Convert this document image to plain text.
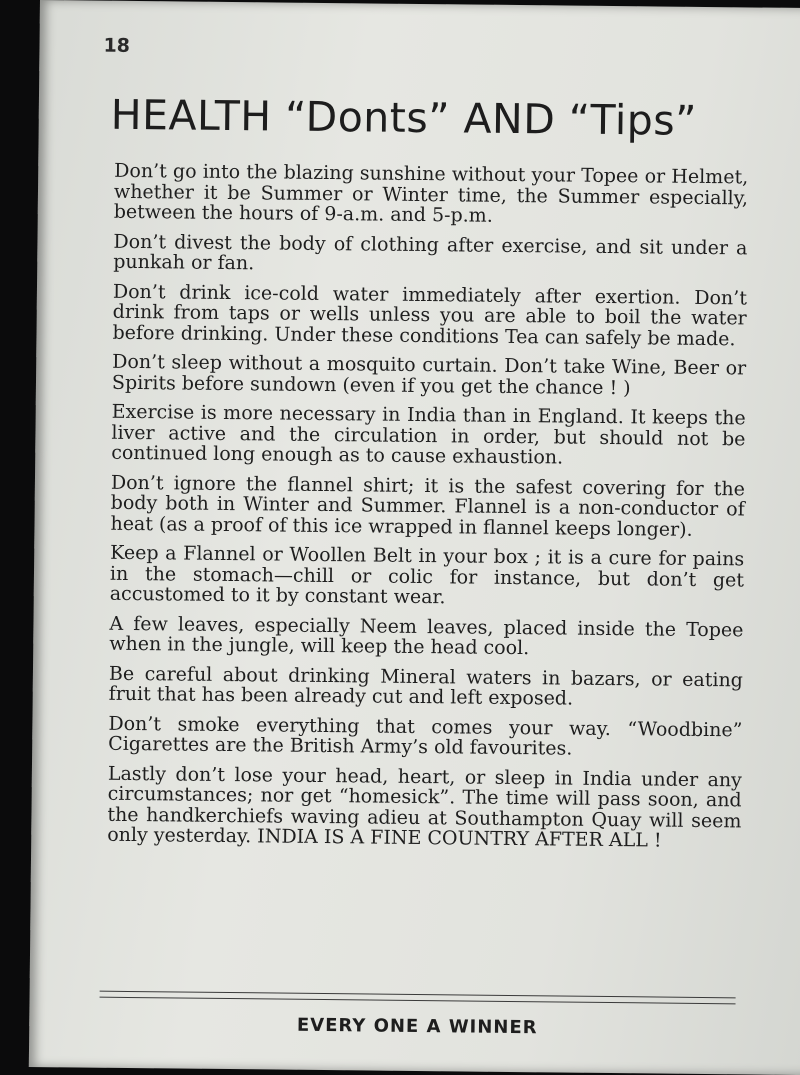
18
HEALTH “Donts” AND “Tips”

Don’t go into the blazing sunshine without your Topee or Helmet, whether it be Summer or Winter time, the Summer especially, between the hours of 9-a.m. and 5-p.m.

Don’t divest the body of clothing after exercise, and sit under a punkah or fan.

Don’t drink ice-cold water immediately after exertion. Don’t drink from taps or wells unless you are able to boil the water before drinking. Under these conditions Tea can safely be made.

Don’t sleep without a mosquito curtain. Don’t take Wine, Beer or Spirits before sundown (even if you get the chance ! )

Exercise is more necessary in India than in England. It keeps the liver active and the circulation in order, but should not be continued long enough as to cause exhaustion.

Don’t ignore the flannel shirt; it is the safest covering for the body both in Winter and Summer. Flannel is a non-conductor of heat (as a proof of this ice wrapped in flannel keeps longer).

Keep a Flannel or Woollen Belt in your box ; it is a cure for pains in the stomach—chill or colic for instance, but don’t get accustomed to it by constant wear.

A few leaves, especially Neem leaves, placed inside the Topee when in the jungle, will keep the head cool.

Be careful about drinking Mineral waters in bazars, or eating fruit that has been already cut and left exposed.

Don’t smoke everything that comes your way. “Woodbine” Cigarettes are the British Army’s old favourites.

Lastly don’t lose your head, heart, or sleep in India under any circumstances; nor get “homesick”. The time will pass soon, and the handkerchiefs waving adieu at Southampton Quay will seem only yesterday. INDIA IS A FINE COUNTRY AFTER ALL !

EVERY ONE A WINNER
